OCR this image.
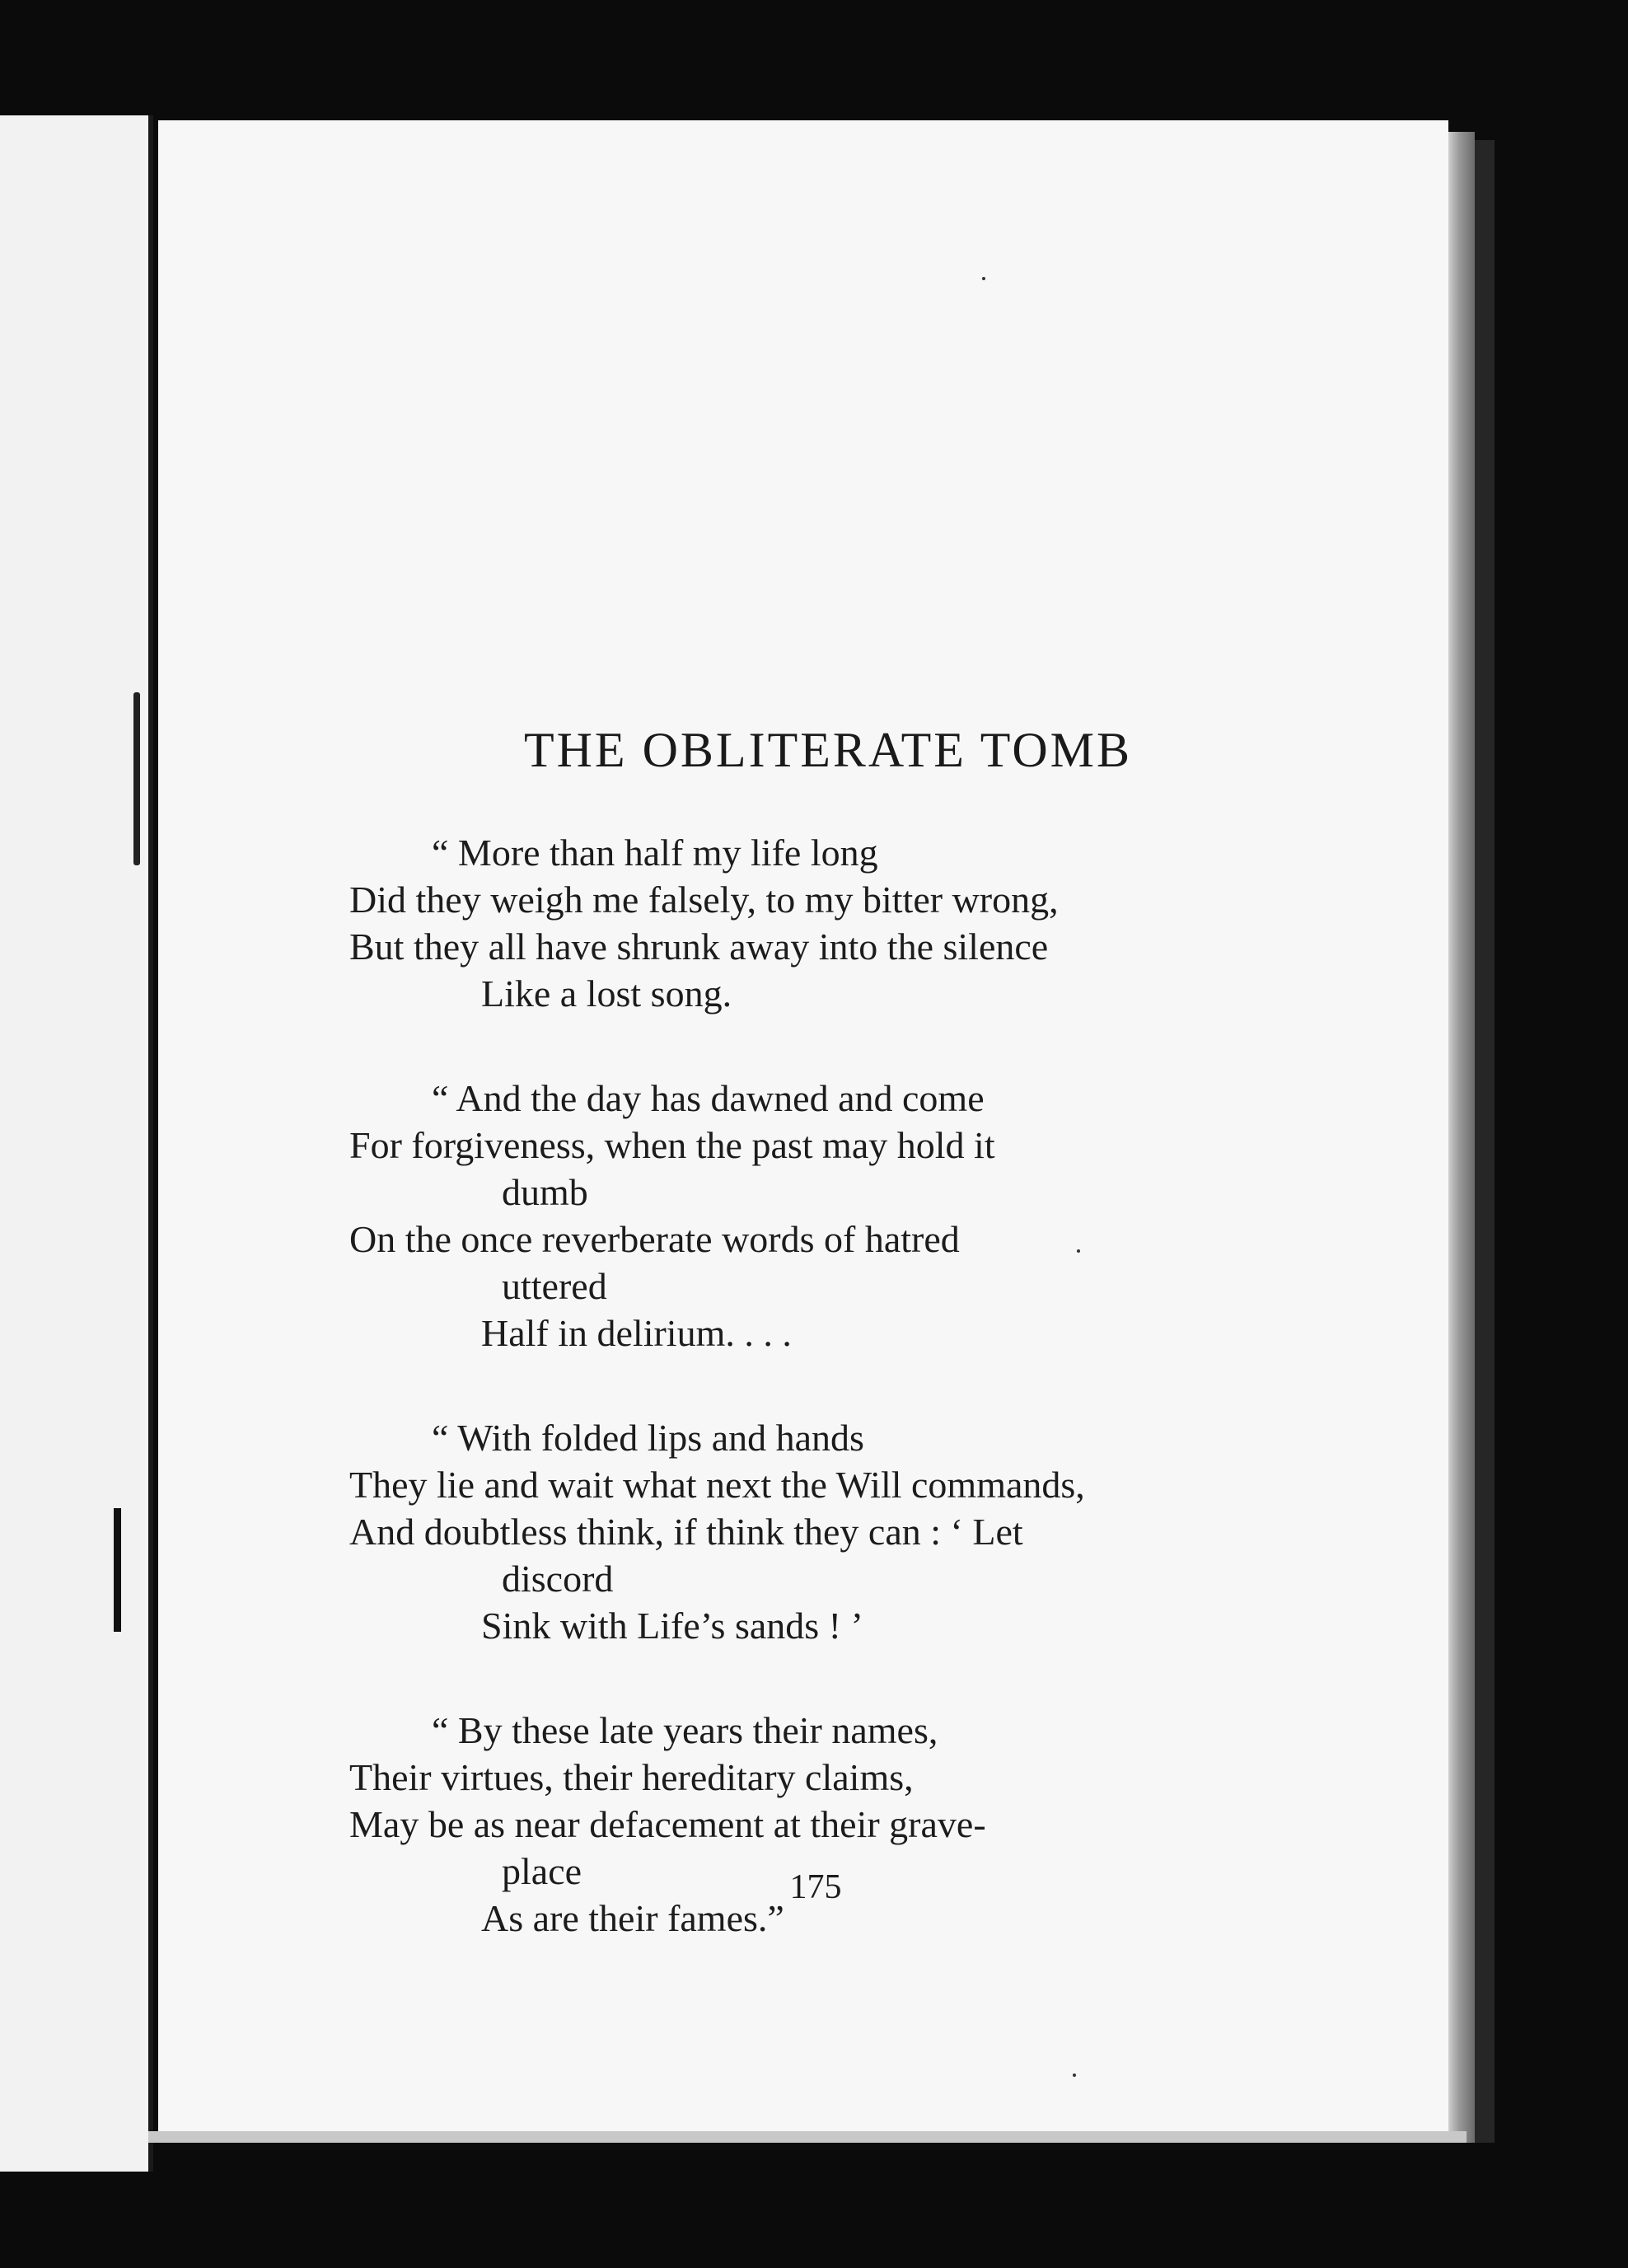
THE OBLITERATE TOMB
“ More than half my life long
Did they weigh me falsely, to my bitter wrong,
But they all have shrunk away into the silence
Like a lost song.
“ And the day has dawned and come
For forgiveness, when the past may hold it
dumb
On the once reverberate words of hatred
uttered
Half in delirium. . . .
“ With folded lips and hands
They lie and wait what next the Will commands,
And doubtless think, if think they can : ‘ Let
discord
Sink with Life’s sands ! ’
“ By these late years their names,
Their virtues, their hereditary claims,
May be as near defacement at their grave-
place
As are their fames.”
175
